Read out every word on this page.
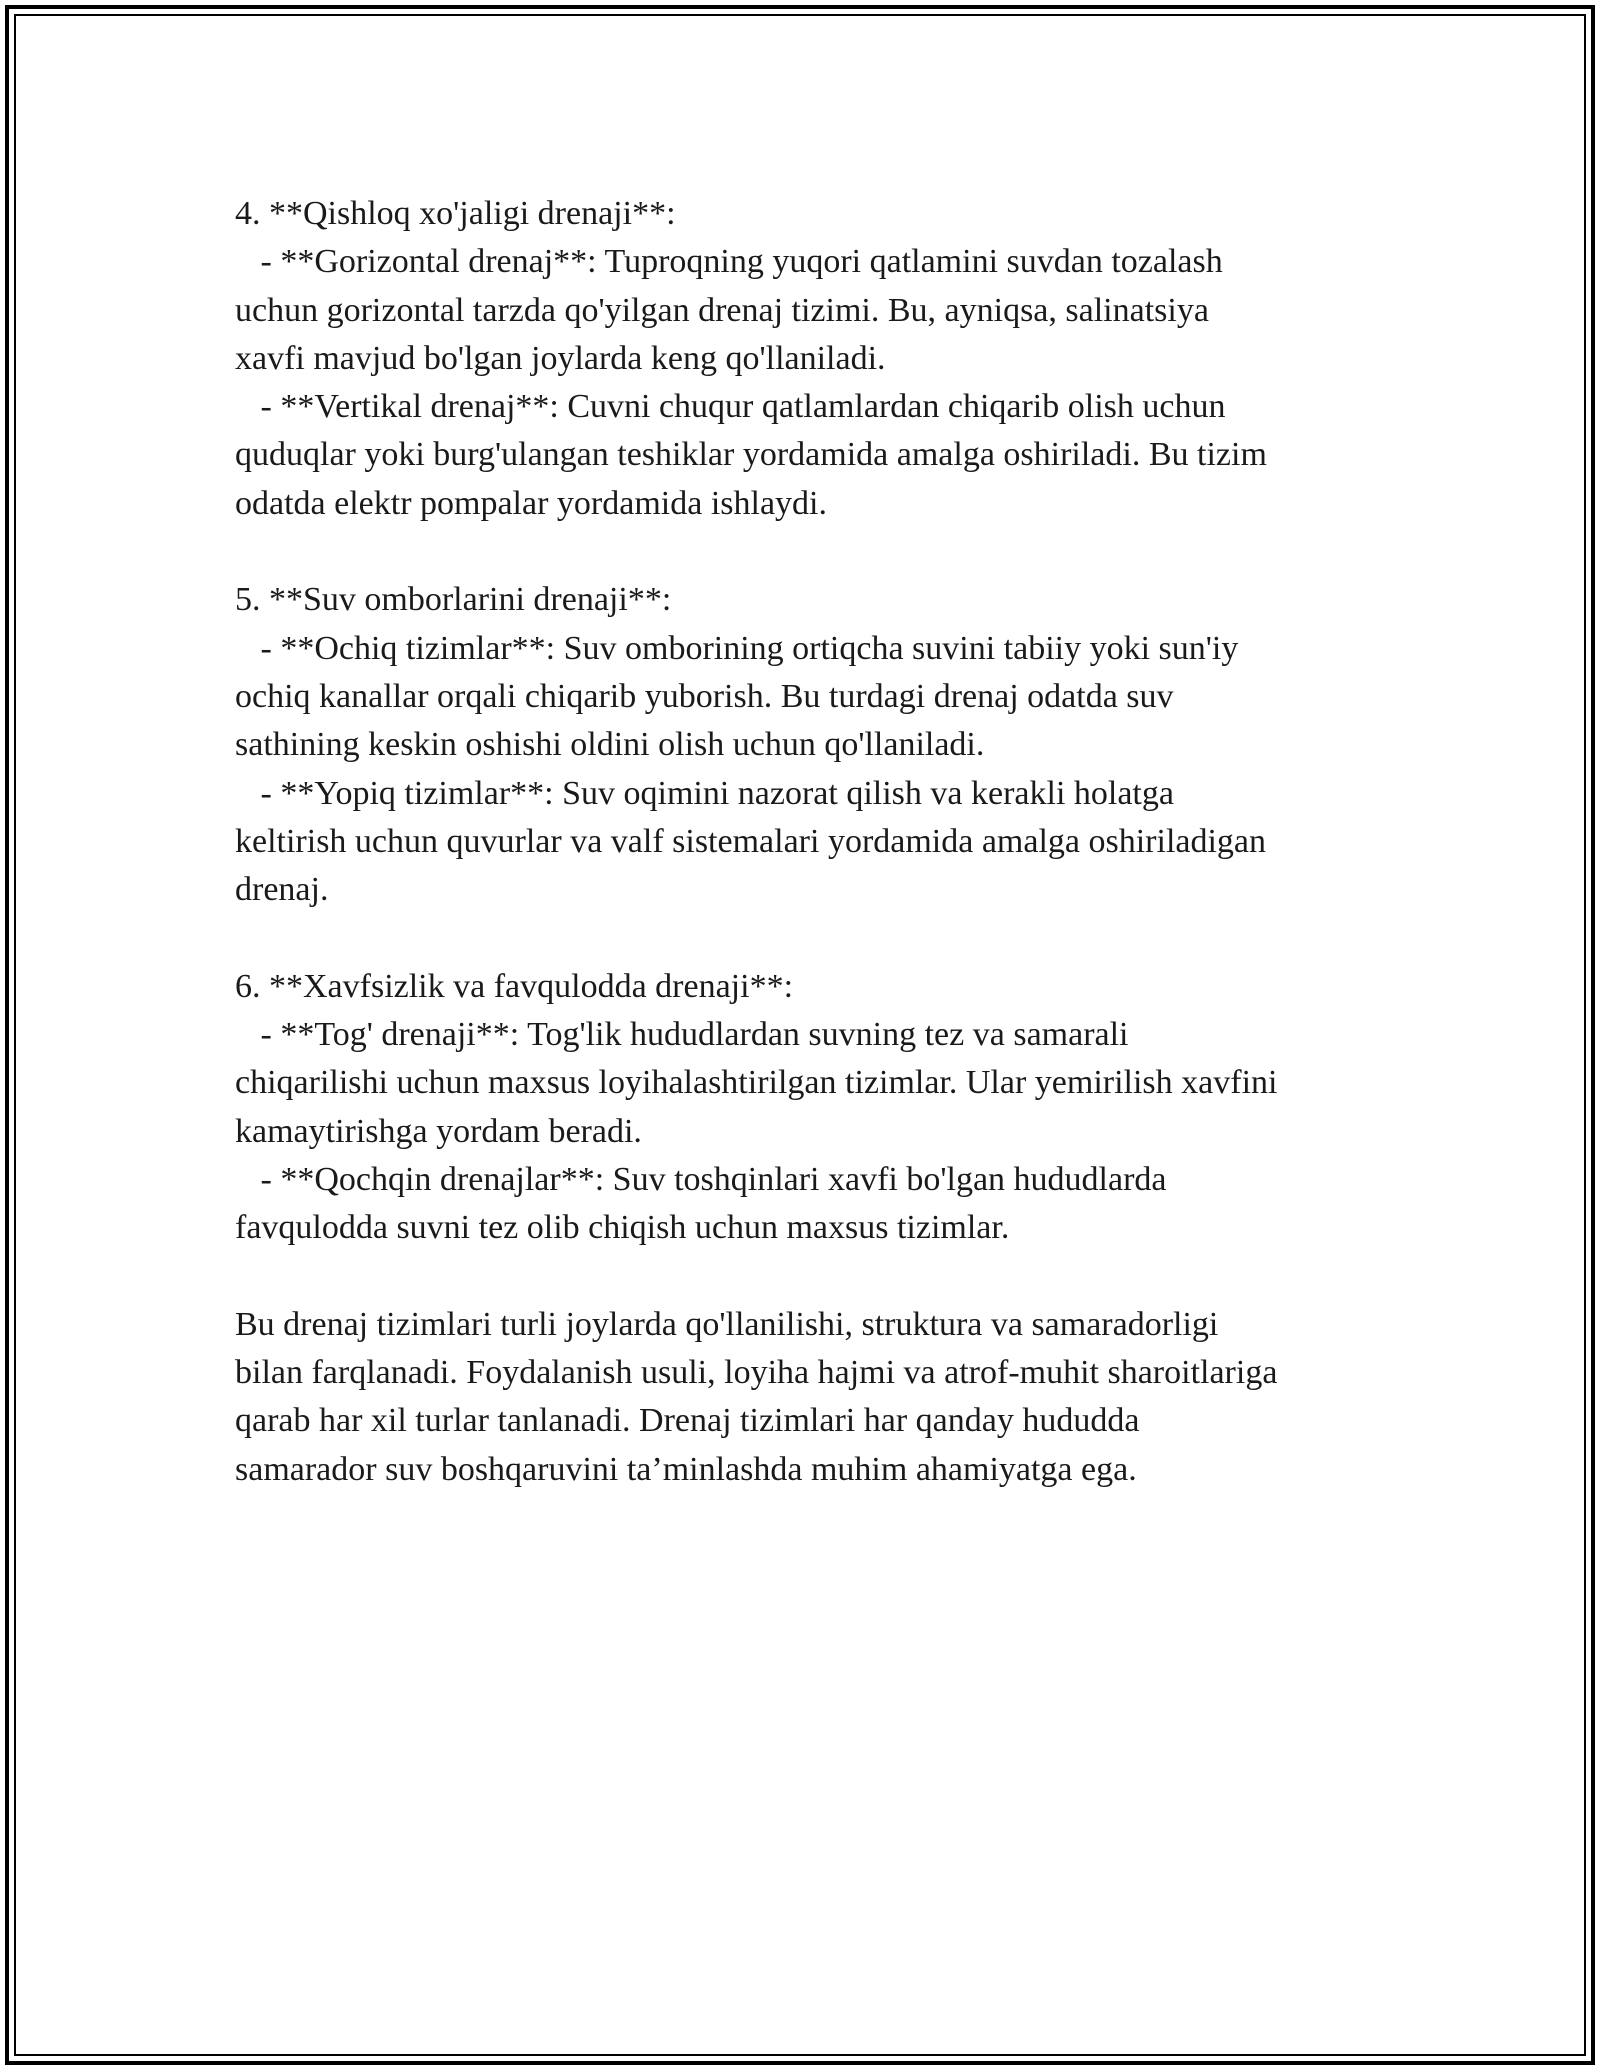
4. **Qishloq xo'jaligi drenaji**:
- **Gorizontal drenaj**: Tuproqning yuqori qatlamini suvdan tozalash
uchun gorizontal tarzda qo'yilgan drenaj tizimi. Bu, ayniqsa, salinatsiya
xavfi mavjud bo'lgan joylarda keng qo'llaniladi.
- **Vertikal drenaj**: Cuvni chuqur qatlamlardan chiqarib olish uchun
quduqlar yoki burg'ulangan teshiklar yordamida amalga oshiriladi. Bu tizim
odatda elektr pompalar yordamida ishlaydi.
5. **Suv omborlarini drenaji**:
- **Ochiq tizimlar**: Suv omborining ortiqcha suvini tabiiy yoki sun'iy
ochiq kanallar orqali chiqarib yuborish. Bu turdagi drenaj odatda suv
sathining keskin oshishi oldini olish uchun qo'llaniladi.
- **Yopiq tizimlar**: Suv oqimini nazorat qilish va kerakli holatga
keltirish uchun quvurlar va valf sistemalari yordamida amalga oshiriladigan
drenaj.
6. **Xavfsizlik va favqulodda drenaji**:
- **Tog' drenaji**: Tog'lik hududlardan suvning tez va samarali
chiqarilishi uchun maxsus loyihalashtirilgan tizimlar. Ular yemirilish xavfini
kamaytirishga yordam beradi.
- **Qochqin drenajlar**: Suv toshqinlari xavfi bo'lgan hududlarda
favqulodda suvni tez olib chiqish uchun maxsus tizimlar.
Bu drenaj tizimlari turli joylarda qo'llanilishi, struktura va samaradorligi
bilan farqlanadi. Foydalanish usuli, loyiha hajmi va atrof-muhit sharoitlariga
qarab har xil turlar tanlanadi. Drenaj tizimlari har qanday hududda
samarador suv boshqaruvini ta’minlashda muhim ahamiyatga ega.
